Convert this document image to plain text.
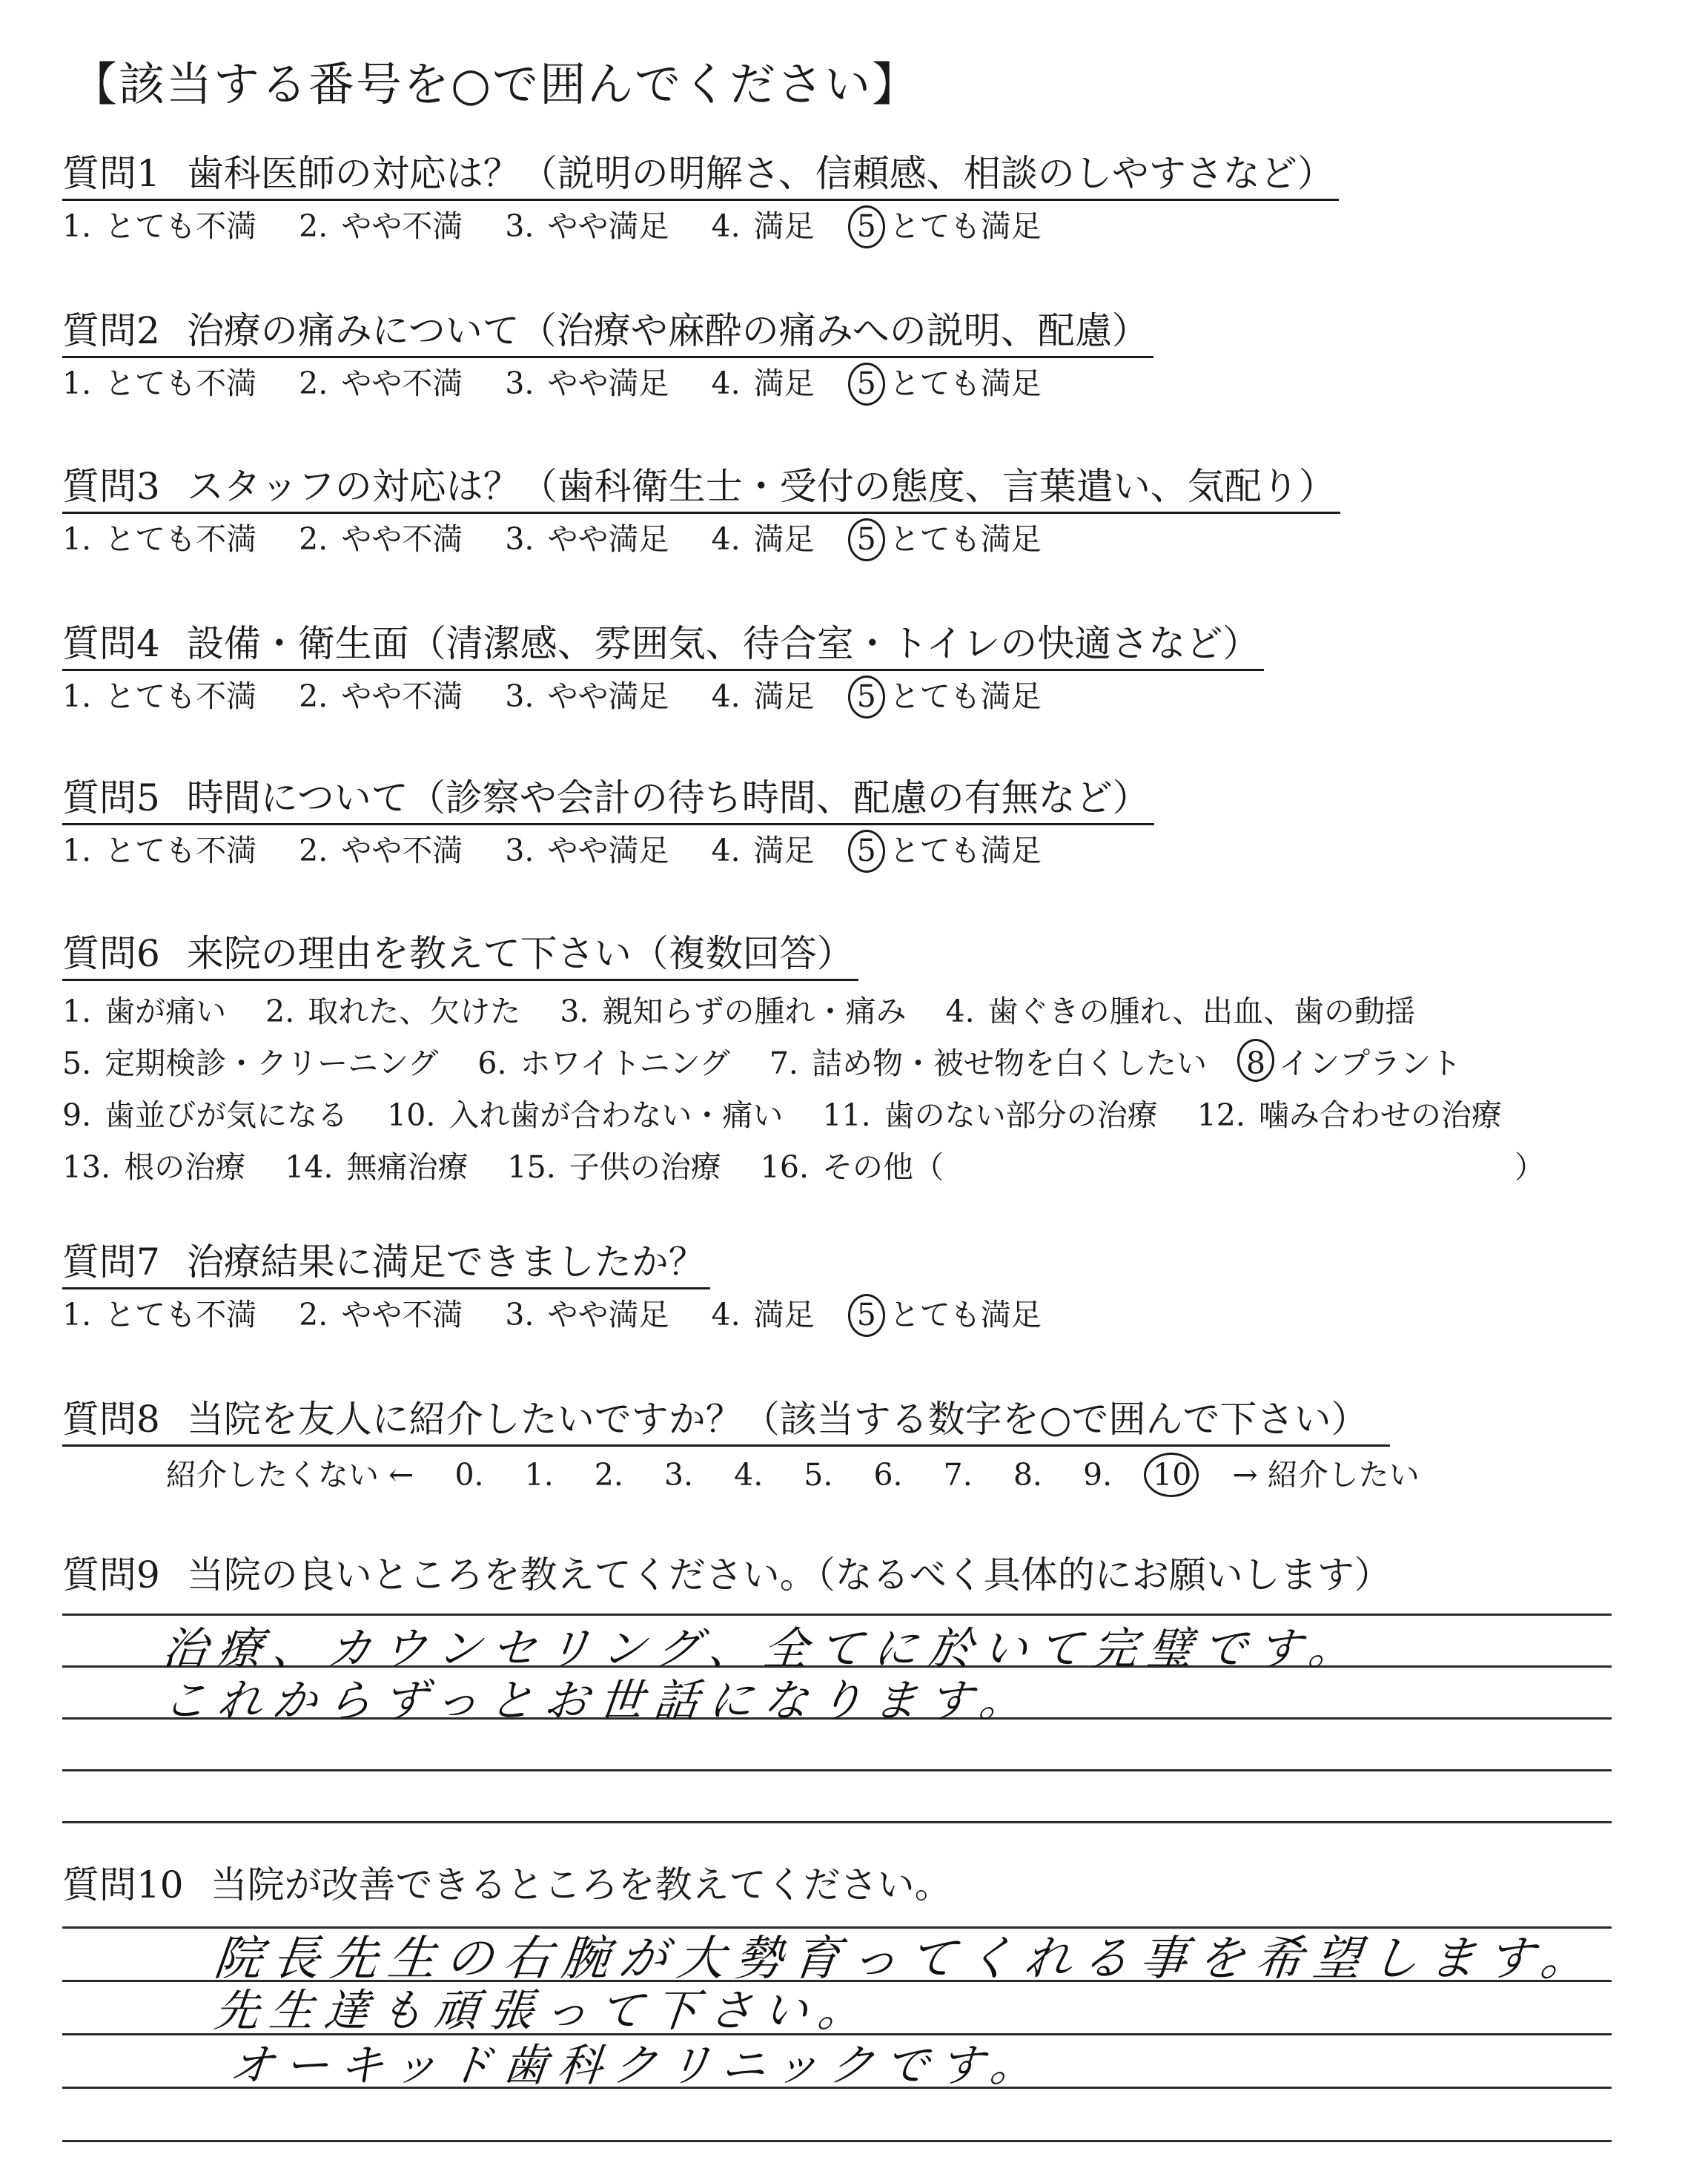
【該当する番号を○で囲んでください】
質問1 歯科医師の対応は？（説明の明解さ、信頼感、相談のしやすさなど）
1. とても不満 2. やや不満 3. やや満足 4. 満足 5 とても満足
質問2 治療の痛みについて（治療や麻酔の痛みへの説明、配慮）
1. とても不満 2. やや不満 3. やや満足 4. 満足 5 とても満足
質問3 スタッフの対応は？（歯科衛生士・受付の態度、言葉遣い、気配り）
1. とても不満 2. やや不満 3. やや満足 4. 満足 5 とても満足
質問4 設備・衛生面（清潔感、雰囲気、待合室・トイレの快適さなど）
1. とても不満 2. やや不満 3. やや満足 4. 満足 5 とても満足
質問5 時間について（診察や会計の待ち時間、配慮の有無など）
1. とても不満 2. やや不満 3. やや満足 4. 満足 5 とても満足
質問6 来院の理由を教えて下さい（複数回答）
1. 歯が痛い 2. 取れた、欠けた 3. 親知らずの腫れ・痛み 4. 歯ぐきの腫れ、出血、歯の動揺
5. 定期検診・クリーニング 6. ホワイトニング 7. 詰め物・被せ物を白くしたい 8 インプラント
9. 歯並びが気になる 10. 入れ歯が合わない・痛い 11. 歯のない部分の治療 12. 噛み合わせの治療
13. 根の治療 14. 無痛治療 15. 子供の治療 16. その他（	）
質問7 治療結果に満足できましたか？
1. とても不満 2. やや不満 3. やや満足 4. 満足 5 とても満足
質問8 当院を友人に紹介したいですか？（該当する数字を○で囲んで下さい）
紹介したくない ← 0. 1. 2. 3. 4. 5. 6. 7. 8. 9. 10 → 紹介したい
質問9 当院の良いところを教えてください。（なるべく具体的にお願いします）
治療、カウンセリング、全てに於いて完璧です。
これからずっとお世話になります。
質問10 当院が改善できるところを教えてください。
院長先生の右腕が大勢育ってくれる事を希望します。
先生達も頑張って下さい。
オーキッド歯科クリニックです。
